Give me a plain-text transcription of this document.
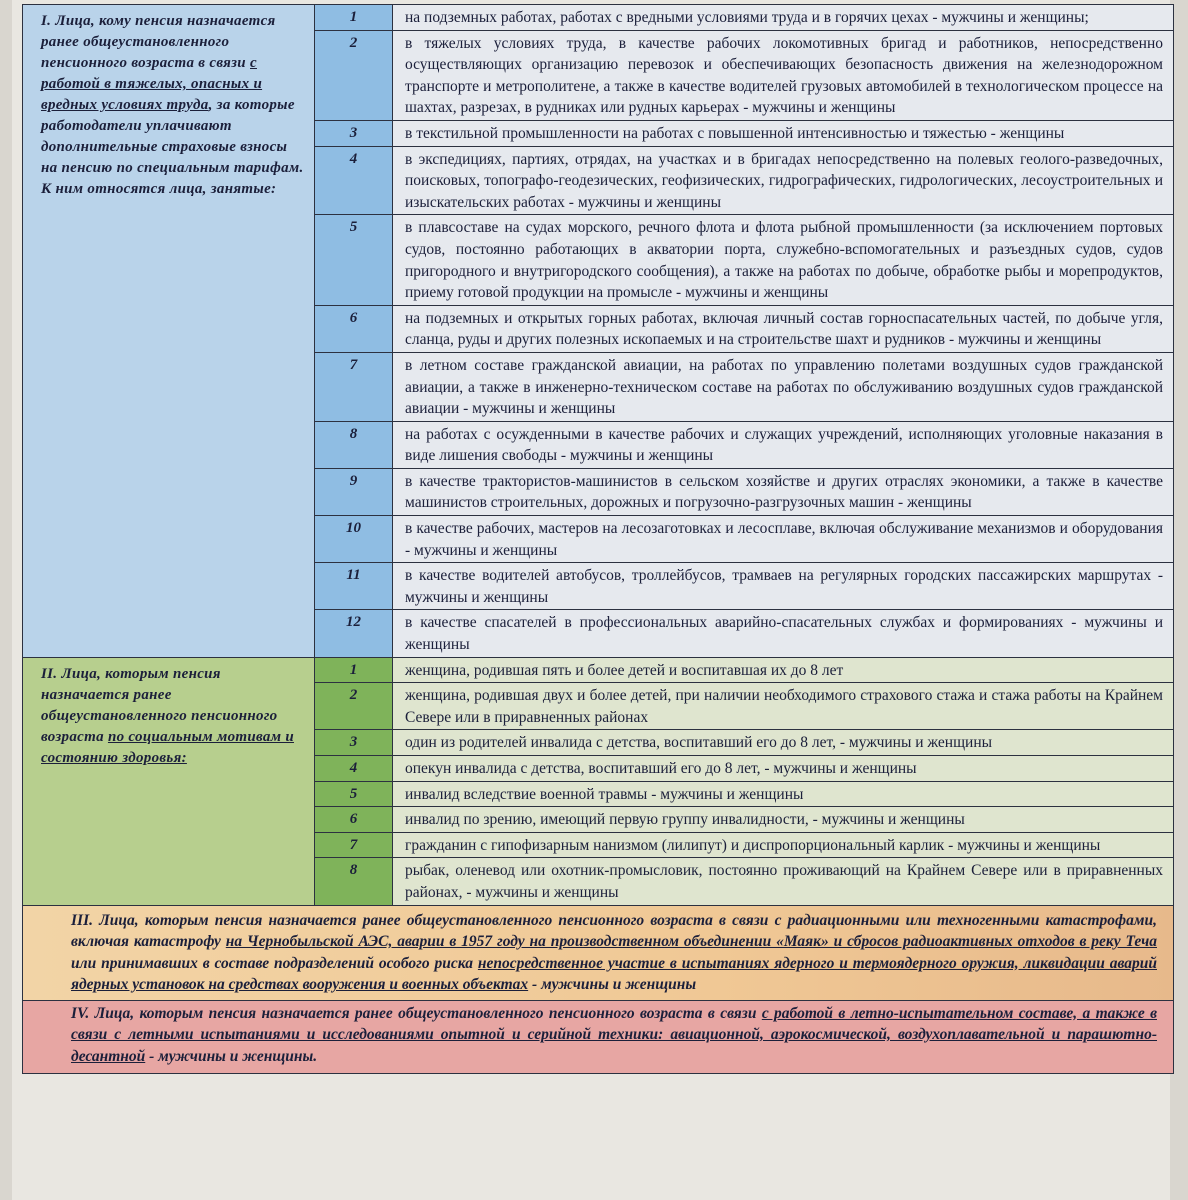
I. Лица, кому пенсия назначается ранее общеустановленного пенсионного возраста в связи с работой в тяжелых, опасных и вредных условиях труда, за которые работодатели уплачивают дополнительные страховые взносы на пенсию по специальным тарифам. К ним относятся лица, занятые:
1	на подземных работах, работах с вредными условиями труда и в горячих цехах - мужчины и женщины;
2	в тяжелых условиях труда, в качестве рабочих локомотивных бригад и работников, непосредственно осуществляющих организацию перевозок и обеспечивающих безопасность движения на железнодорожном транспорте и метрополитене, а также в качестве водителей грузовых автомобилей в технологическом процессе на шахтах, разрезах, в рудниках или рудных карьерах - мужчины и женщины
3	в текстильной промышленности на работах с повышенной интенсивностью и тяжестью - женщины
4	в экспедициях, партиях, отрядах, на участках и в бригадах непосредственно на полевых геолого-разведочных, поисковых, топографо-геодезических, геофизических, гидрографических, гидрологических, лесоустроительных и изыскательских работах - мужчины и женщины
5	в плавсоставе на судах морского, речного флота и флота рыбной промышленности (за исключением портовых судов, постоянно работающих в акватории порта, служебно-вспомогательных и разъездных судов, судов пригородного и внутригородского сообщения), а также на работах по добыче, обработке рыбы и морепродуктов, приему готовой продукции на промысле - мужчины и женщины
6	на подземных и открытых горных работах, включая личный состав горноспасательных частей, по добыче угля, сланца, руды и других полезных ископаемых и на строительстве шахт и рудников - мужчины и женщины
7	в летном составе гражданской авиации, на работах по управлению полетами воздушных судов гражданской авиации, а также в инженерно-техническом составе на работах по обслуживанию воздушных судов гражданской авиации - мужчины и женщины
8	на работах с осужденными в качестве рабочих и служащих учреждений, исполняющих уголовные наказания в виде лишения свободы - мужчины и женщины
9	в качестве трактористов-машинистов в сельском хозяйстве и других отраслях экономики, а также в качестве машинистов строительных, дорожных и погрузочно-разгрузочных машин - женщины
10	в качестве рабочих, мастеров на лесозаготовках и лесосплаве, включая обслуживание механизмов и оборудования - мужчины и женщины
11	в качестве водителей автобусов, троллейбусов, трамваев на регулярных городских пассажирских маршрутах - мужчины и женщины
12	в качестве спасателей в профессиональных аварийно-спасательных службах и формированиях - мужчины и женщины
II. Лица, которым пенсия назначается ранее общеустановленного пенсионного возраста по социальным мотивам и состоянию здоровья:
1	женщина, родившая пять и более детей и воспитавшая их до 8 лет
2	женщина, родившая двух и более детей, при наличии необходимого страхового стажа и стажа работы на Крайнем Севере или в приравненных районах
3	один из родителей инвалида с детства, воспитавший его до 8 лет, - мужчины и женщины
4	опекун инвалида с детства, воспитавший его до 8 лет, - мужчины и женщины
5	инвалид вследствие военной травмы - мужчины и женщины
6	инвалид по зрению, имеющий первую группу инвалидности, - мужчины и женщины
7	гражданин с гипофизарным нанизмом (лилипут) и диспропорциональный карлик - мужчины и женщины
8	рыбак, оленевод или охотник-промысловик, постоянно проживающий на Крайнем Севере или в приравненных районах, - мужчины и женщины
III. Лица, которым пенсия назначается ранее общеустановленного пенсионного возраста в связи с радиационными или техногенными катастрофами, включая катастрофу на Чернобыльской АЭС, аварии в 1957 году на производственном объединении «Маяк» и сбросов радиоактивных отходов в реку Теча или принимавших в составе подразделений особого риска непосредственное участие в испытаниях ядерного и термоядерного оружия, ликвидации аварий ядерных установок на средствах вооружения и военных объектах - мужчины и женщины
IV. Лица, которым пенсия назначается ранее общеустановленного пенсионного возраста в связи с работой в летно-испытательном составе, а также в связи с летными испытаниями и исследованиями опытной и серийной техники: авиационной, аэрокосмической, воздухоплавательной и парашютно-десантной - мужчины и женщины.
